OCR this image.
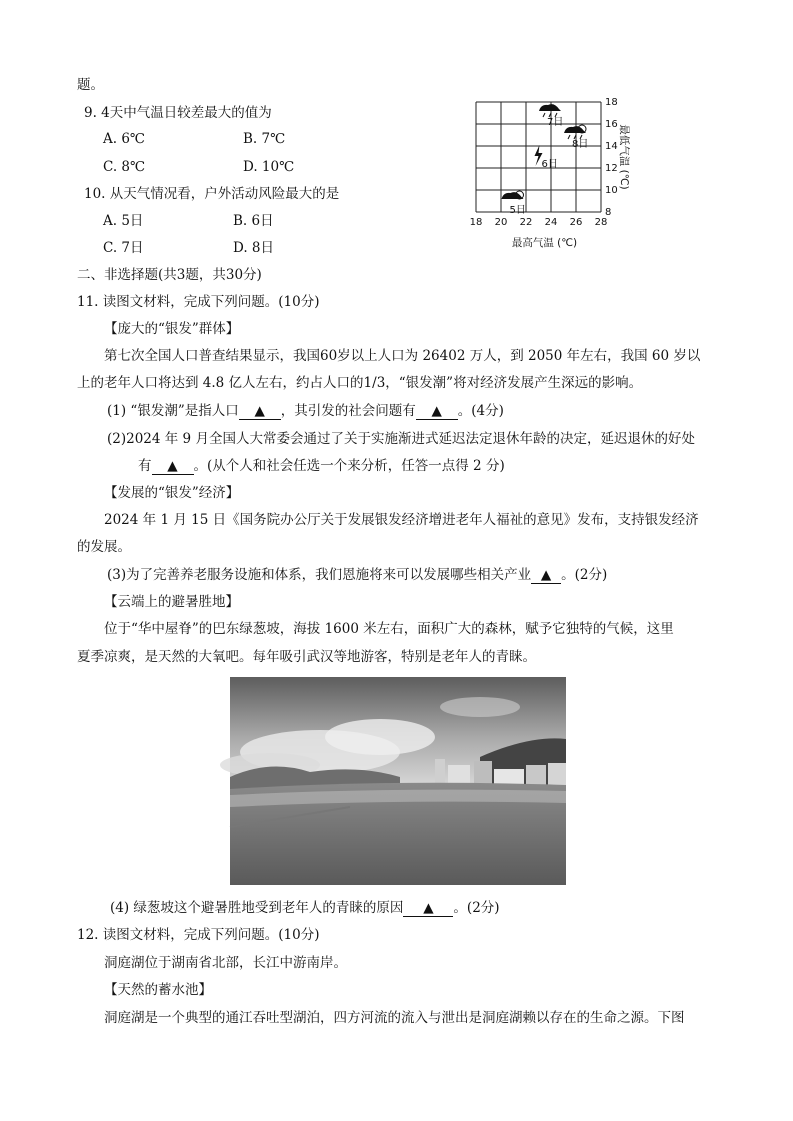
题。
9. 4天中气温日较差最大的值为
A. 6℃	B. 7℃
C. 8℃	D. 10℃
10. 从天气情况看，户外活动风险最大的是
A. 5日	B. 6日
C. 7日	D. 8日
18 20 22 24 26 28
8
10
12
14
16
18
最高气温 (℃)
最低气温 (℃)
5日
6日
7日
8日
二、非选择题(共3题，共30分)
11. 读图文材料，完成下列问题。(10分)
【庞大的“银发”群体】
第七次全国人口普查结果显示，我国60岁以上人口为 26402 万人，到 2050 年左右，我国 60 岁以
上的老年人口将达到 4.8 亿人左右，约占人口的1/3，“银发潮”将对经济发展产生深远的影响。
(1) “银发潮”是指人口 ▲ ，其引发的社会问题有 ▲ 。(4分)
(2)2024 年 9 月全国人大常委会通过了关于实施渐进式延迟法定退休年龄的决定，延迟退休的好处
有 ▲ 。(从个人和社会任选一个来分析，任答一点得 2 分)
【发展的“银发”经济】
2024 年 1 月 15 日《国务院办公厅关于发展银发经济增进老年人福祉的意见》发布，支持银发经济
的发展。
(3)为了完善养老服务设施和体系，我们恩施将来可以发展哪些相关产业 ▲ 。(2分)
【云端上的避暑胜地】
位于“华中屋脊”的巴东绿葱坡，海拔 1600 米左右，面积广大的森林，赋予它独特的气候，这里
夏季凉爽，是天然的大氧吧。每年吸引武汉等地游客，特别是老年人的青睐。
(4) 绿葱坡这个避暑胜地受到老年人的青睐的原因 ▲ 。(2分)
12. 读图文材料，完成下列问题。(10分)
洞庭湖位于湖南省北部，长江中游南岸。
【天然的蓄水池】
洞庭湖是一个典型的通江吞吐型湖泊，四方河流的流入与泄出是洞庭湖赖以存在的生命之源。下图
